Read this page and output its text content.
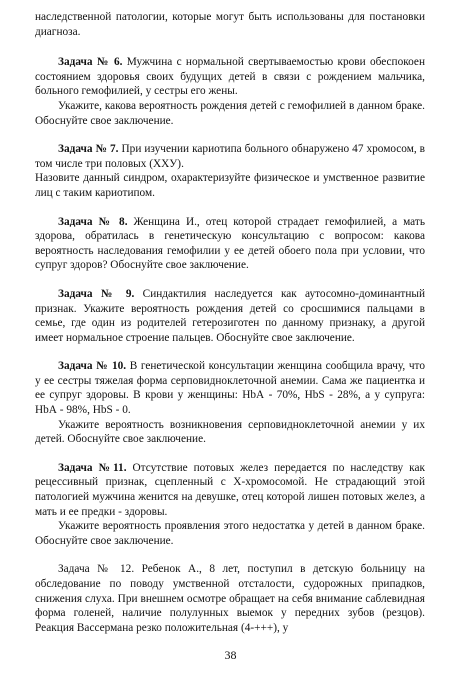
наследственной патологии, которые могут быть использованы для постановки диагноза.

Задача № 6. Мужчина с нормальной свертываемостью крови обеспокоен состоянием здоровья своих будущих детей в связи с рождением мальчика, больного гемофилией, у сестры его жены.

Укажите, какова вероятность рождения детей с гемофилией в данном браке. Обоснуйте свое заключение.

Задача № 7. При изучении кариотипа больного обнаружено 47 хромосом, в том числе три половых (ХХУ).

Назовите данный синдром, охарактеризуйте физическое и умственное развитие лиц с таким кариотипом.

Задача № 8. Женщина И., отец которой страдает гемофилией, а мать здорова, обратилась в генетическую консультацию с вопросом: какова вероятность наследования гемофилии у ее детей обоего пола при условии, что супруг здоров? Обоснуйте свое заключение.

Задача № 9. Синдактилия наследуется как аутосомно-доминантный признак. Укажите вероятность рождения детей со сросшимися пальцами в семье, где один из родителей гетерозиготен по данному признаку, а другой имеет нормальное строение пальцев. Обоснуйте свое заключение.

Задача № 10. В генетической консультации женщина сообщила врачу, что у ее сестры тяжелая форма серповидноклеточной анемии. Сама же пациентка и ее супруг здоровы. В крови у женщины: НbА - 70%, НbS - 28%, а у супруга: НbА - 98%, НbS - 0.

Укажите вероятность возникновения серповидноклеточной анемии у их детей. Обоснуйте свое заключение.

Задача №11. Отсутствие потовых желез передается по наследству как рецессивный признак, сцепленный с Х-хромосомой. Не страдающий этой патологией мужчина женится на девушке, отец которой лишен потовых желез, а мать и ее предки - здоровы.

Укажите вероятность проявления этого недостатка у детей в данном браке. Обоснуйте свое заключение.

Задача № 12. Ребенок А., 8 лет, поступил в детскую больницу на обследование по поводу умственной отсталости, судорожных припадков, снижения слуха. При внешнем осмотре обращает на себя внимание саблевидная форма голеней, наличие полулунных выемок у передних зубов (резцов). Реакция Вассермана резко положительная (4-+++), у

38
